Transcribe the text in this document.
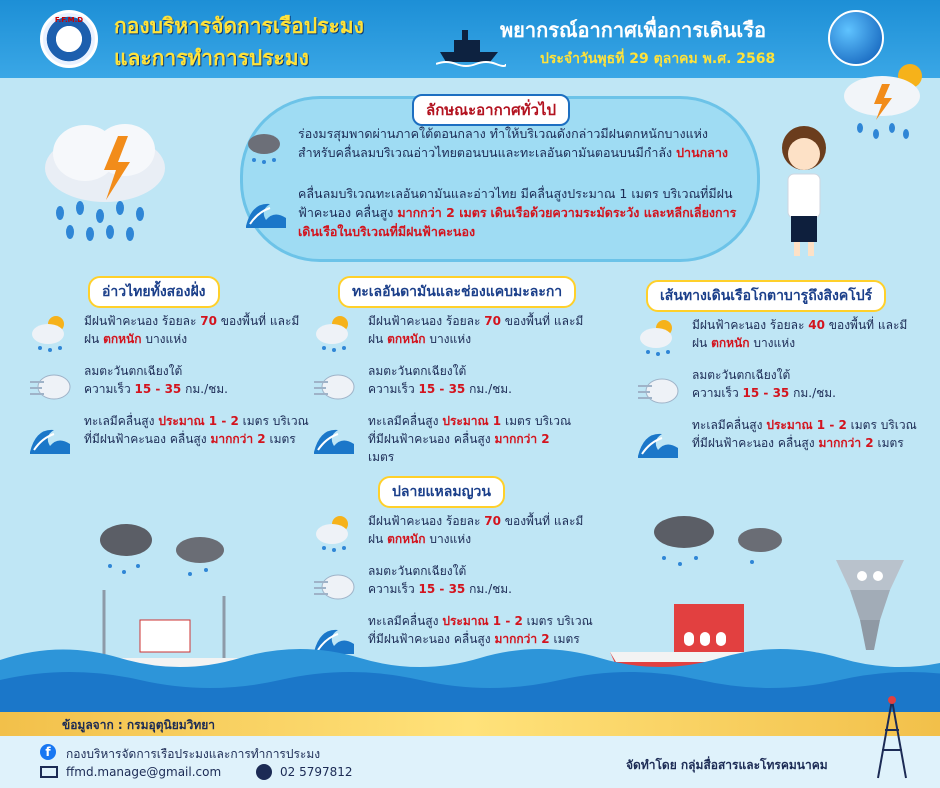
F.F.M.D	กองบริหารจัดการเรือประมง
และการทำการประมง
พยากรณ์อากาศเพื่อการเดินเรือ
ประจำวันพุธที่ 29 ตุลาคม พ.ศ. 2568
ลักษณะอากาศทั่วไป
ร่องมรสุมพาดผ่านภาคใต้ตอนกลาง ทำให้บริเวณดังกล่าวมีฝนตกหนักบางแห่ง สำหรับคลื่นลมบริเวณอ่าวไทยตอนบนและทะเลอันดามันตอนบนมีกำลัง ปานกลาง
คลื่นลมบริเวณทะเลอันดามันและอ่าวไทย มีคลื่นสูงประมาณ 1 เมตร บริเวณที่มีฝนฟ้าคะนอง คลื่นสูง มากกว่า 2 เมตร เดินเรือด้วยความระมัดระวัง และหลีกเลี่ยงการเดินเรือในบริเวณที่มีฝนฟ้าคะนอง
อ่าวไทยทั้งสองฝั่ง	ทะเลอันดามันและช่องแคบมะละกา	เส้นทางเดินเรือโกตาบารูถึงสิงคโปร์
ปลายแหลมญวน
มีฝนฟ้าคะนอง ร้อยละ 70 ของพื้นที่ และมีฝน ตกหนัก บางแห่ง
ลมตะวันตกเฉียงใต้
ความเร็ว 15 - 35 กม./ชม.
ทะเลมีคลื่นสูง ประมาณ 1 - 2 เมตร บริเวณที่มีฝนฟ้าคะนอง คลื่นสูง มากกว่า 2 เมตร
มีฝนฟ้าคะนอง ร้อยละ 70 ของพื้นที่ และมีฝน ตกหนัก บางแห่ง
ลมตะวันตกเฉียงใต้
ความเร็ว 15 - 35 กม./ชม.
ทะเลมีคลื่นสูง ประมาณ 1 เมตร บริเวณที่มีฝนฟ้าคะนอง คลื่นสูง มากกว่า 2 เมตร
มีฝนฟ้าคะนอง ร้อยละ 40 ของพื้นที่ และมีฝน ตกหนัก บางแห่ง
ลมตะวันตกเฉียงใต้
ความเร็ว 15 - 35 กม./ชม.
ทะเลมีคลื่นสูง ประมาณ 1 - 2 เมตร บริเวณที่มีฝนฟ้าคะนอง คลื่นสูง มากกว่า 2 เมตร
มีฝนฟ้าคะนอง ร้อยละ 70 ของพื้นที่ และมีฝน ตกหนัก บางแห่ง
ลมตะวันตกเฉียงใต้
ความเร็ว 15 - 35 กม./ชม.
ทะเลมีคลื่นสูง ประมาณ 1 - 2 เมตร บริเวณที่มีฝนฟ้าคะนอง คลื่นสูง มากกว่า 2 เมตร
ข้อมูลจาก : กรมอุตุนิยมวิทยา
f	กองบริหารจัดการเรือประมงและการทำการประมง
ffmd.manage@gmail.com	02 5797812	จัดทำโดย กลุ่มสื่อสารและโทรคมนาคม
